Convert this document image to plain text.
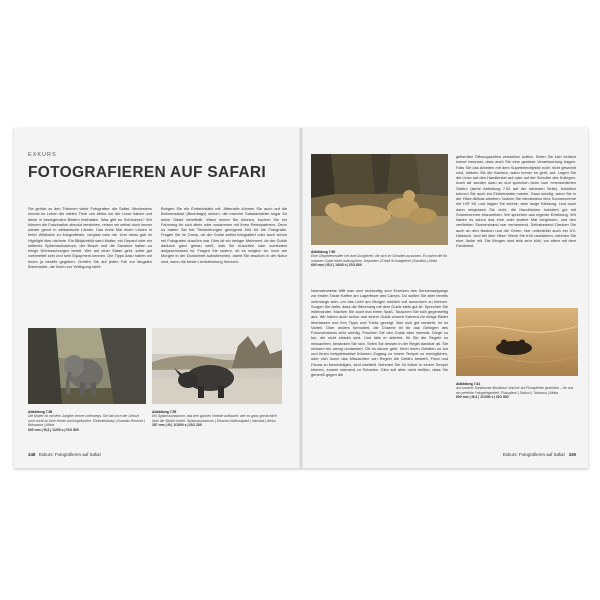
EXKURS
FOTOGRAFIEREN AUF SAFARI
Sie gehört zu den Träumen vieler Fotografen: die Safari. Mindestens einmal im Leben die wilden Tiere von Afrika vor der Linse haben und diese in bewegenden Bildern festhalten. Was gibt es Schöneres? Wir können die Faszination absolut verstehen, reisen wir selbst doch immer wieder gerne in afrikanische Länder. Das erste Mal einen Löwen in freier Wildbahn zu fotografieren, vergisst man nie. Und meist gab im Highlight dies nächste. Ein Bildjahrbild sand Mutter, ein Gepard oder ein seltenes Spitzmaulnashorn, der Busch und die Savanne halten so einige Überraschungen bereit. Wer auf einer Safari geht, sollte gut vorbereitet sein und sein Equipment kennen. Die Tipps dazu haben wir Ihnen ja bereits gegeben. Greifen Sie auf jeden Fall zur längsten Brennweite, die Ihnen zur Verfügung steht.
Bringen Sie ein Einbeinstativ mit. Alternativ können Sie auch auf die Bohnensäcke (Beanbags) setzen, die manche Safarianbieter sogar für seine Gäste bereithält. Wann immer Sie können, buchen Sie ein Fahrzeug für sich allein oder zusammen mit Ihren Reisepartnern. Denn so haben Sie bei Tiersichtungen genügend Zeit für die Fotografie. Fragen Sie im Camp, ob der Guide selbst fotografiert oder auch schon mit Fotografen draußen war. Dies ist ein riesiger Mehrwert, da der Guide dadurch ganz genau weiß, was Sie brauchen oder zumindest aufgeschlossen ist. Fragen Sie zudem, ob es möglich ist, noch am Morgen in der Dunkelheit aufzubrechen, damit Sie draußen in der Natur sind, wenn die beste Lichtstimmung herrscht.
Abbildung 7.58
Die Mutter ist mit dem Jungtier immer unterwegs. Sie hat noch der Geburt noch nicht zu ihrer Herde zurückgefunden. Elefantenbaby | Kwando-Reserve | Botswana | Afrika
600 mm | f5,3 | 1/200 s | ISO 800
Abbildung 7.59
Ein Spitzmaulnashorn, das den ganzen Vorteile auftaucht, weil es ganz gemächlich über die Straße trottet. Spitzmaulnashorn | Etoscha-Nationalpark | Namibia | Afrika
267 mm | f9 | 1/1000 s | ISO 200
348 Exkurs: Fotografieren auf Safari
Abbildung 7.60
Eine Gepardenmutter mit zwei Jungtieren, die sich im Schatten ausruhen. Es waren die für unseren Guide leicht aufzuspüren. Geparden | Erindi Schutzgebiet | Namibia | Afrika
600 mm | f5,3 | 1/640 s | ISO 800
Normalerweise trifft man sich rechtzeitig zum Ersetzen des Sonnenaufgangs zur ersten Tasse Kaffee am Lagerfeuer des Camps. Du sollten Sie aber bereits unterwegs sein, um das Licht am Morgen wirklich voll ausnutzen zu können. Sorgen Sie dafür, dass die Stimmung mit dem Guide stets gut ist. Sprechen Sie miteinander. Machen Sie auch mal einen Spaß. Tauschen Sie sich gegenseitig aus. Wir haben auch schon mal einem Guide unsere Kamera für einige Bilder überlassen und ihm Tipps und Tricks gezeigt. War sich gut versteht, ist im Vorteil. Oder anders formuliert, die Charme ist für das Gelingen des Fotovorhabens sehr wichtig. Puschen Sie den Guide aber niemals. Dinge zu tun, die nicht erlaubt sind. Und falls er ablehnt, für Sie die Regeln zu missachten, bedanken Sie sich. Seien Sie dessen in der Regel dankbar ab. Sie müssen ein wenig umdenken. Ob es darum geht, Ihren einen Gefallen zu tun und Ihnen beispielsweise früheren Zugang zu einem Tempel zu ermöglichen, oder sich durch das Missachten von Regeln die Gefahr besteht, Flora und Fauna zu beschädigen, sind zweiteilt. Nehmen Sie Ihr früher in einem Tempel können, kommt niemand zu Schaden. Dies soll aber nicht heißen, dass Sie generell gegen die
geltenden Öffnungszeiten verstoßen sollten. Seien Sie sich einfach immer bewusst, dass auch Sie eine gewisse Verantwortung tragen. Falls Sie das Arbeiten mit dem Superteleobjektiv noch nicht gewohnt sind, stützen Sie die Kamera, wann immer es geht, auf. Legen Sie die Linse auf den Handlenker auf oder auf der Schulter des Kollegen. Auch wir wurden dazu so und sprechen dann vom »menschlichen Stativ« (siehe Abbildung 7.62 auf der nächsten Seite). Natürlich können Sie auch ein Einbeinstativ nutzen. Ganz wichtig, wenn Sie in der Hitze Afrikas arbeiten: Nutzen Sie mindestens eine Sonnencreme mit LSF 50, und tragen Sie leichte, aber lange Kleidung. Und auch dann vergessen Sie nicht, die Handrücken trotzdem gut mit Sonnencreme einzureiben. Wir sprechen aus eigener Erfahrung. Wir haben es schon das eine oder andere Mal vergessen, und den verfärbten Sonnenbrand war verheerend. Selbstredend Denken Sie auch an den Nacken und die Ohren, hier unterstützt auch ein UV-Halstuch. Und bei aller Hitze: Wenn Sie früh rausfahren, nehmen Sie eine Jacke mit. Die Morgen sind teils sehr kühl, vor allem mit dem Fahrtwind.
Abbildung 7.61
Auf unserer Sundowner-Bootstour sind wir auf Flusspferde gestoßen – für uns ein perfekte Fotogelegenheit. Flusspferd | Sinkuzi | Tansania | Afrika
600 mm | f6,3 | 1/1000 s | ISO 800
Exkurs: Fotografieren auf Safari 349
